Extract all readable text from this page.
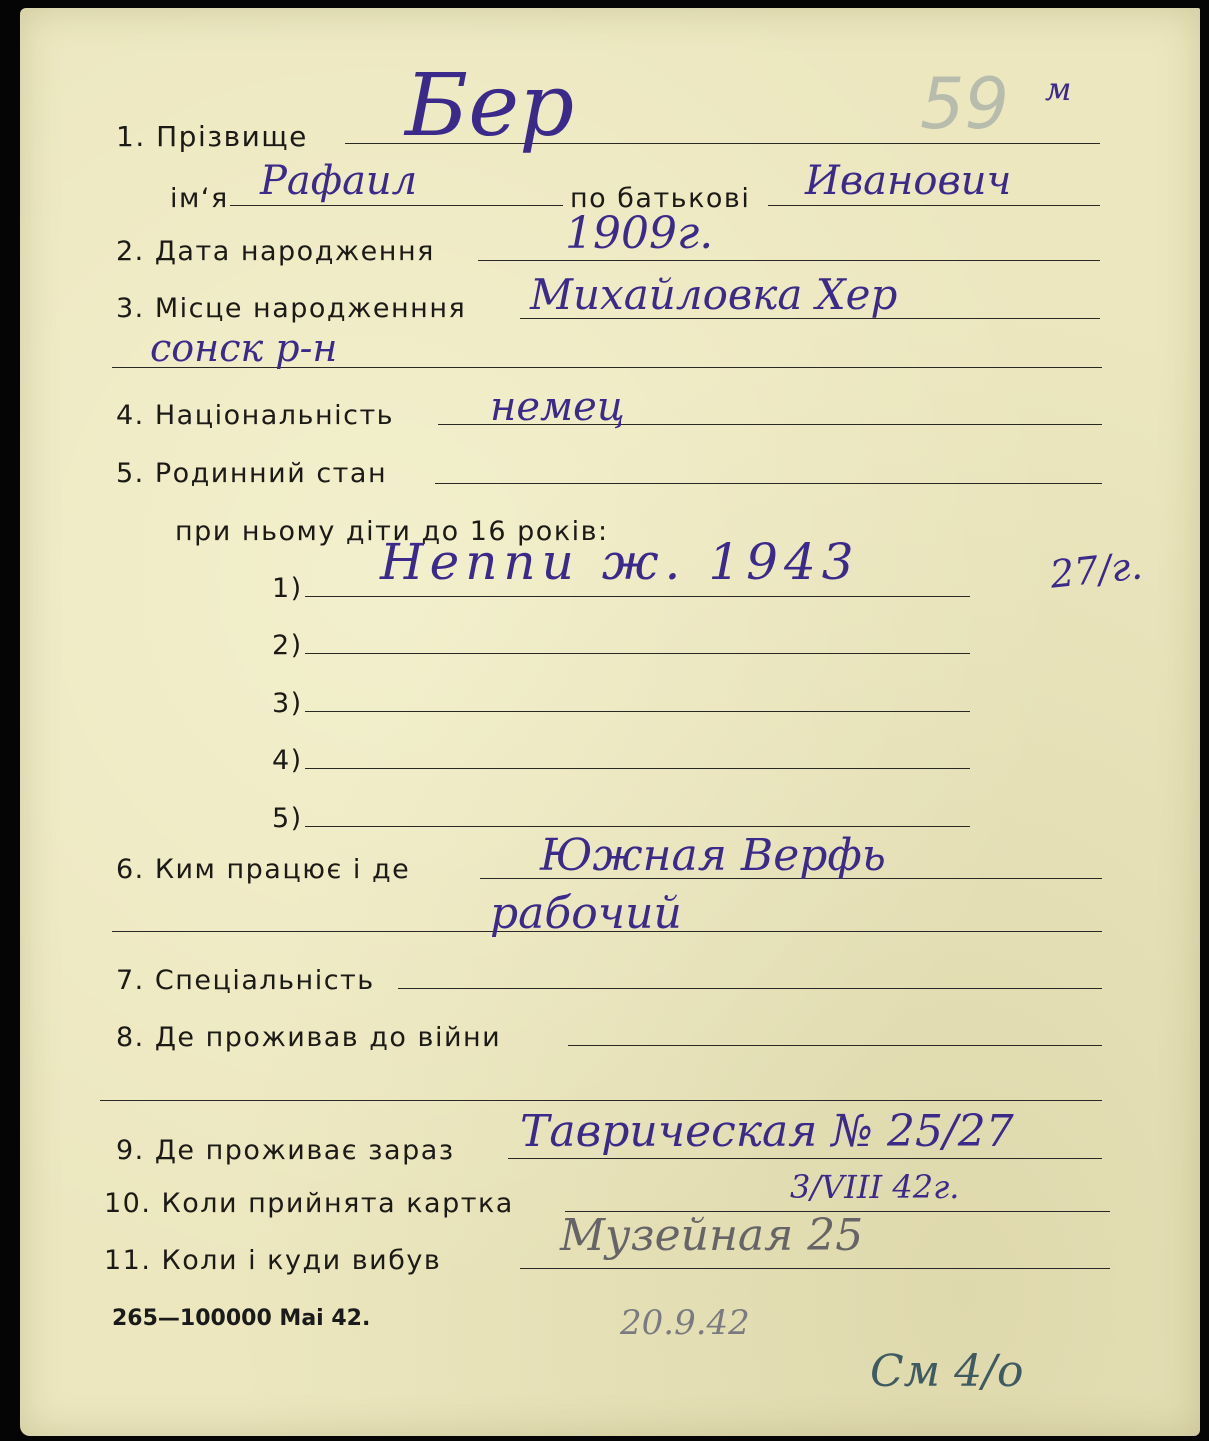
59
1. Прізвище Бер	м
ім‘я Рафаил	по батькові Иванович
2. Дата народження	1909г.
3. Місце народженння Михайловка Хер
сонск р-н
4. Національність немец
5. Родинний стан
при ньому діти до 16 років:
1) Неппи ж. 1943	27/г.
2)
3)
4)
5)
6. Ким працює і де	Южная Верфь
рабочий
7. Спеціальність
8. Де проживав до війни
9. Де проживає зараз Таврическая № 25/27
10. Коли прийнята картка	3/VIII 42г.
11. Коли і куди вибув	Музейная 25
265—100000 Mai 42.	20.9.42
См 4/о
